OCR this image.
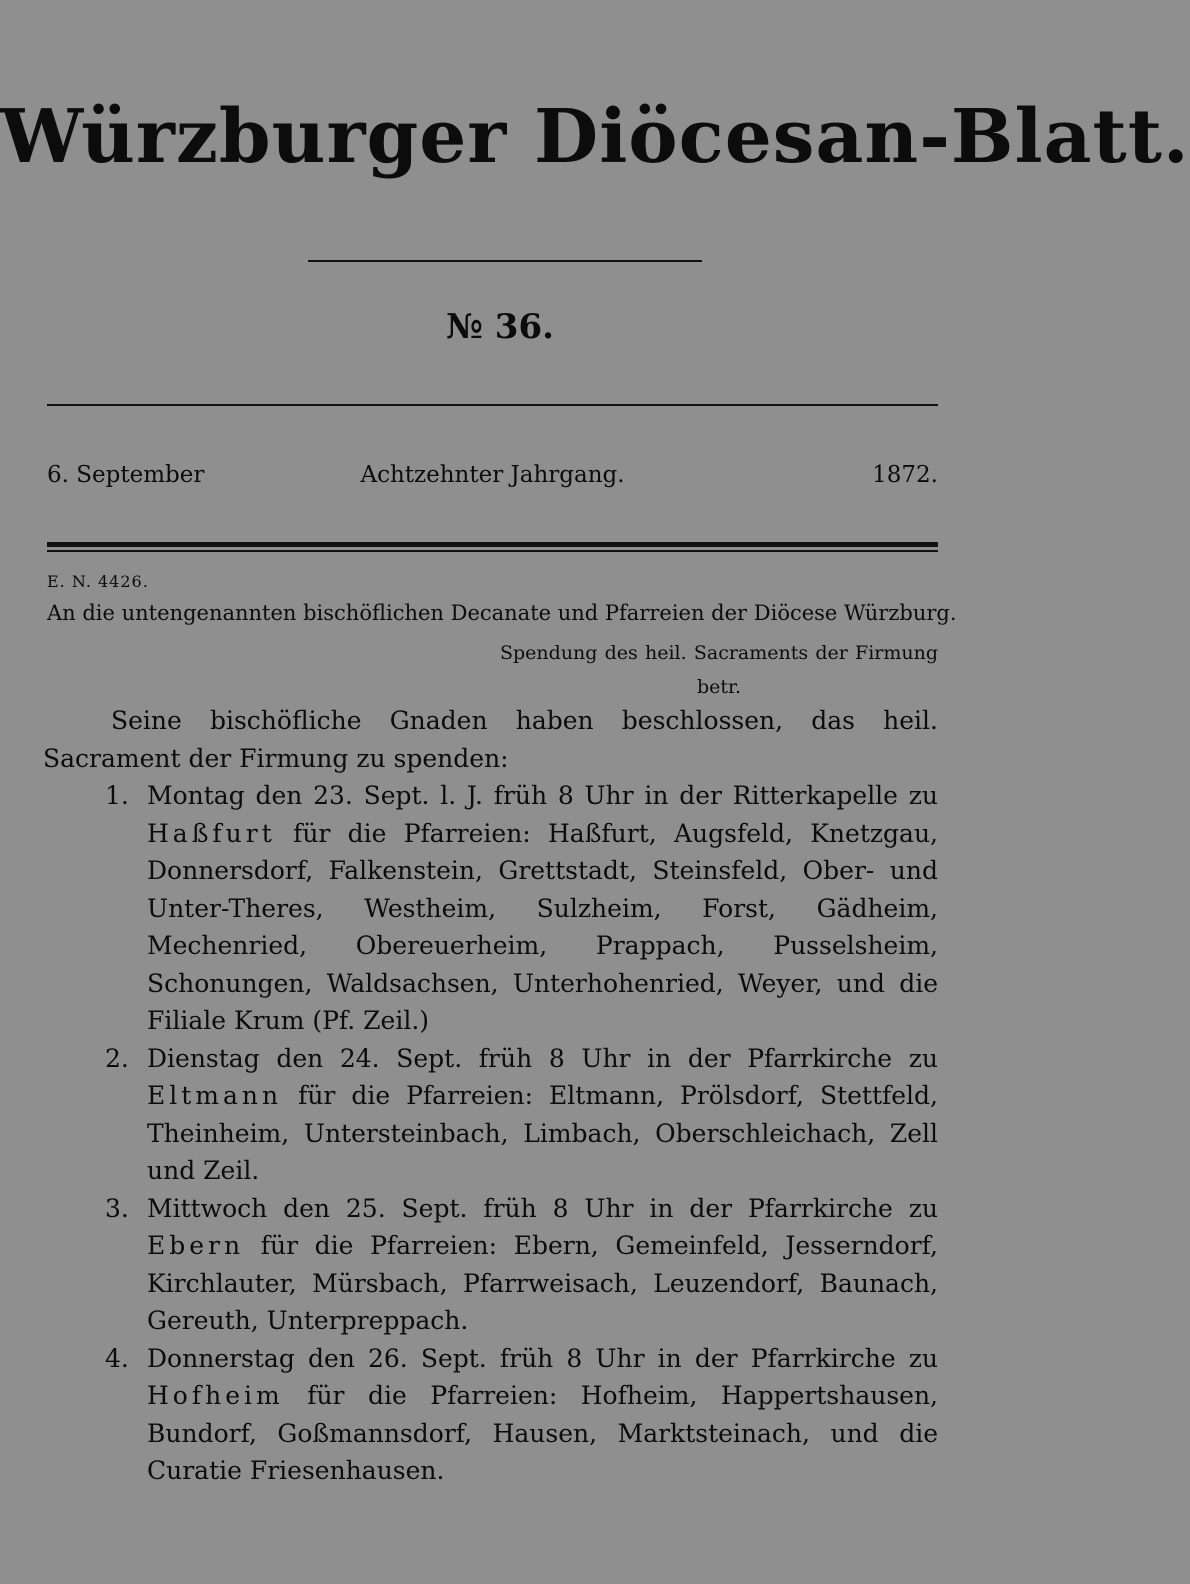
Würzburger Diöcesan-Blatt.
№ 36.
6. September	Achtzehnter Jahrgang.	1872.
E. N. 4426.
An die untengenannten bischöflichen Decanate und Pfarreien der Diöcese Würzburg.
Spendung des heil. Sacraments der Firmung betr.

Seine bischöfliche Gnaden haben beschlossen, das heil. Sacrament der Firmung zu spenden:

1. Montag den 23. Sept. l. J. früh 8 Uhr in der Ritterkapelle zu Haßfurt für die Pfarreien: Haßfurt, Augsfeld, Knetzgau, Donnersdorf, Falkenstein, Grettstadt, Steinsfeld, Ober- und Unter-Theres, Westheim, Sulzheim, Forst, Gädheim, Mechenried, Obereuerheim, Prappach, Pusselsheim, Schonungen, Waldsachsen, Unterhohenried, Weyer, und die Filiale Krum (Pf. Zeil.)
2. Dienstag den 24. Sept. früh 8 Uhr in der Pfarrkirche zu Eltmann für die Pfarreien: Eltmann, Prölsdorf, Stettfeld, Theinheim, Untersteinbach, Limbach, Oberschleichach, Zell und Zeil.
3. Mittwoch den 25. Sept. früh 8 Uhr in der Pfarrkirche zu Ebern für die Pfarreien: Ebern, Gemeinfeld, Jesserndorf, Kirchlauter, Mürsbach, Pfarrweisach, Leuzendorf, Baunach, Gereuth, Unterpreppach.
4. Donnerstag den 26. Sept. früh 8 Uhr in der Pfarrkirche zu Hofheim für die Pfarreien: Hofheim, Happertshausen, Bundorf, Goßmannsdorf, Hausen, Marktsteinach, und die Curatie Friesenhausen.
